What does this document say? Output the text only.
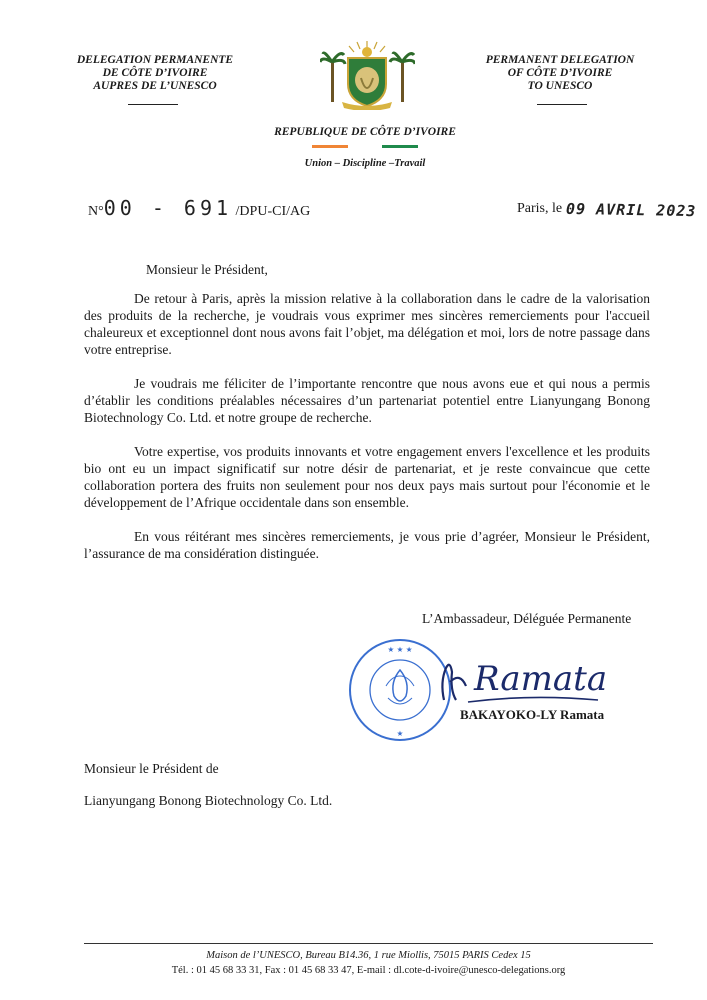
DELEGATION PERMANENTE
DE CÔTE D’IVOIRE
AUPRES DE L’UNESCO
PERMANENT DELEGATION
OF CÔTE D’IVOIRE
TO UNESCO
REPUBLIQUE DE CÔTE D’IVOIRE
Union – Discipline –Travail
N°00 - 691 /DPU-CI/AG	Paris, le 09 AVRIL 2023
Monsieur le Président,

De retour à Paris, après la mission relative à la collaboration dans le cadre de la valorisation des produits de la recherche, je voudrais vous exprimer mes sincères remerciements pour l'accueil chaleureux et exceptionnel dont nous avons fait l’objet, ma délégation et moi, lors de notre passage dans votre entreprise.

Je voudrais me féliciter de l’importante rencontre que nous avons eue et qui nous a permis d’établir les conditions préalables nécessaires d’un partenariat potentiel entre Lianyungang Bonong Biotechnology Co. Ltd. et notre groupe de recherche.

Votre expertise, vos produits innovants et votre engagement envers l'excellence et les produits bio ont eu un impact significatif sur notre désir de partenariat, et je reste convaincue que cette collaboration portera des fruits non seulement pour nos deux pays mais surtout pour l'économie et le développement de l’Afrique occidentale dans son ensemble.

En vous réitérant mes sincères remerciements, je vous prie d’agréer, Monsieur le Président, l’assurance de ma considération distinguée.

L’Ambassadeur, Déléguée Permanente
★ ★ ★
★
Ramata
BAKAYOKO-LY Ramata
Monsieur le Président de
Lianyungang Bonong Biotechnology Co. Ltd.
Maison de l’UNESCO, Bureau B14.36, 1 rue Miollis, 75015 PARIS Cedex 15
Tél. : 01 45 68 33 31, Fax : 01 45 68 33 47, E-mail : dl.cote-d-ivoire@unesco-delegations.org
